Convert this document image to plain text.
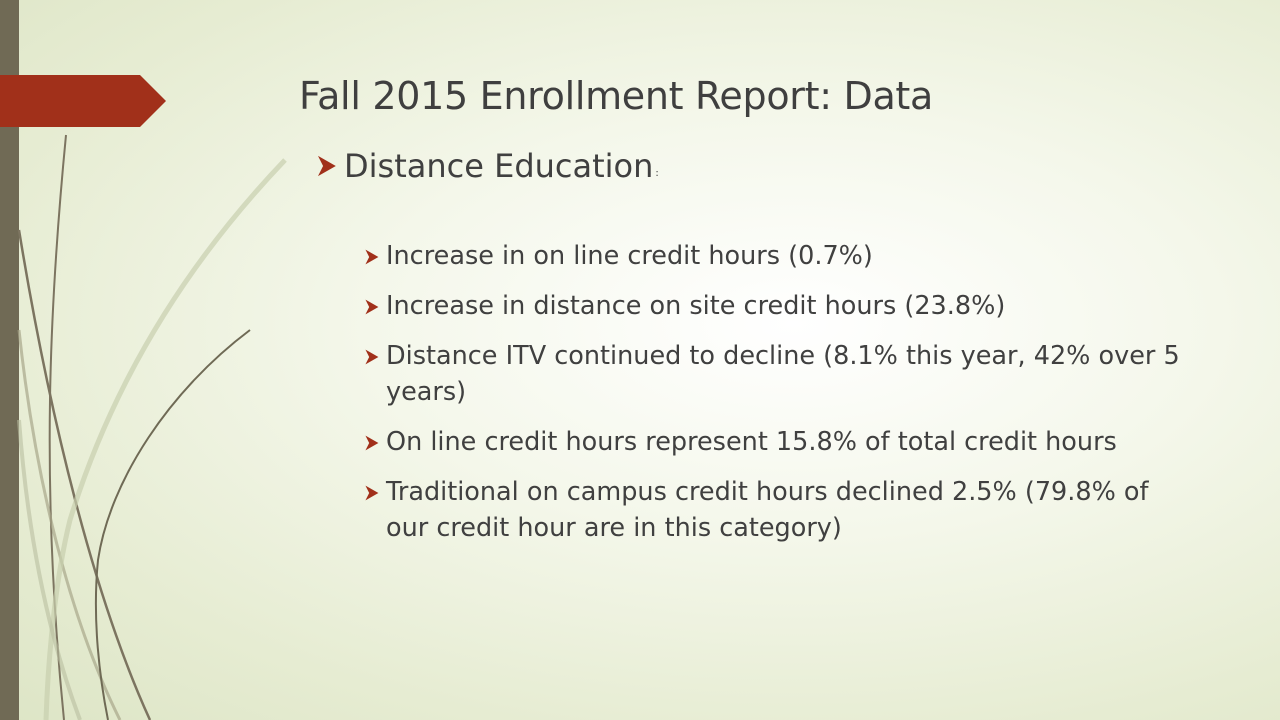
Fall 2015 Enrollment Report: Data
Distance Education :
Increase in on line credit hours (0.7%)
Increase in distance on site credit hours (23.8%)
Distance ITV continued to decline (8.1% this year, 42% over 5 years)
On line credit hours represent 15.8% of total credit hours
Traditional on campus credit hours declined 2.5% (79.8% of our credit hour are in this category)
